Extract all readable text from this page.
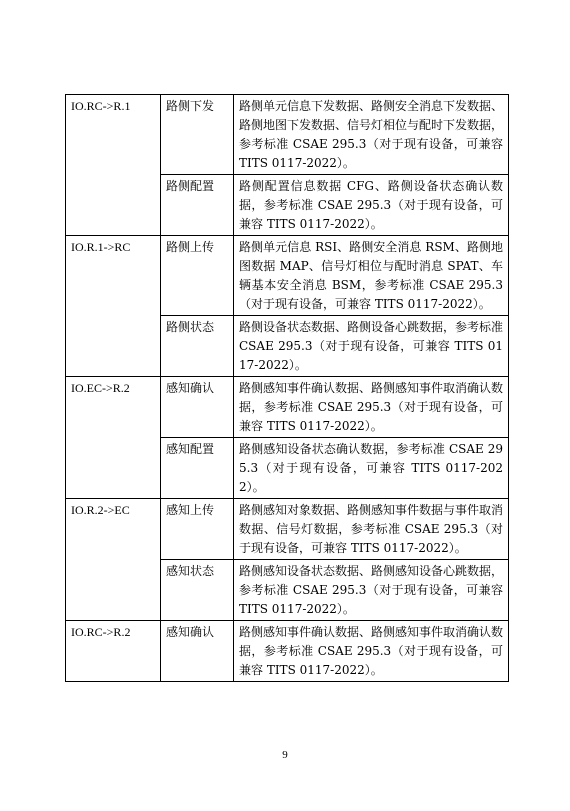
IO.RC->R.1	路侧下发	路侧单元信息下发数据、路侧安全消息下发数据、路侧地图下发数据、信号灯相位与配时下发数据，参考标准 CSAE 295.3（对于现有设备，可兼容 TITS 0117-2022）。
	路侧配置	路侧配置信息数据 CFG、路侧设备状态确认数据，参考标准 CSAE 295.3（对于现有设备，可兼容 TITS 0117-2022）。
IO.R.1->RC	路侧上传	路侧单元信息 RSI、路侧安全消息 RSM、路侧地图数据 MAP、信号灯相位与配时消息 SPAT、车辆基本安全消息 BSM，参考标准 CSAE 295.3（对于现有设备，可兼容 TITS 0117-2022）。
	路侧状态	路侧设备状态数据、路侧设备心跳数据，参考标准 CSAE 295.3（对于现有设备，可兼容 TITS 0117-2022）。
IO.EC->R.2	感知确认	路侧感知事件确认数据、路侧感知事件取消确认数据，参考标准 CSAE 295.3（对于现有设备，可兼容 TITS 0117-2022）。
	感知配置	路侧感知设备状态确认数据，参考标准 CSAE 295.3（对于现有设备，可兼容 TITS 0117-2022）。
IO.R.2->EC	感知上传	路侧感知对象数据、路侧感知事件数据与事件取消数据、信号灯数据，参考标准 CSAE 295.3（对于现有设备，可兼容 TITS 0117-2022）。
	感知状态	路侧感知设备状态数据、路侧感知设备心跳数据，参考标准 CSAE 295.3（对于现有设备，可兼容 TITS 0117-2022）。
IO.RC->R.2	感知确认	路侧感知事件确认数据、路侧感知事件取消确认数据，参考标准 CSAE 295.3（对于现有设备，可兼容 TITS 0117-2022）。
9
